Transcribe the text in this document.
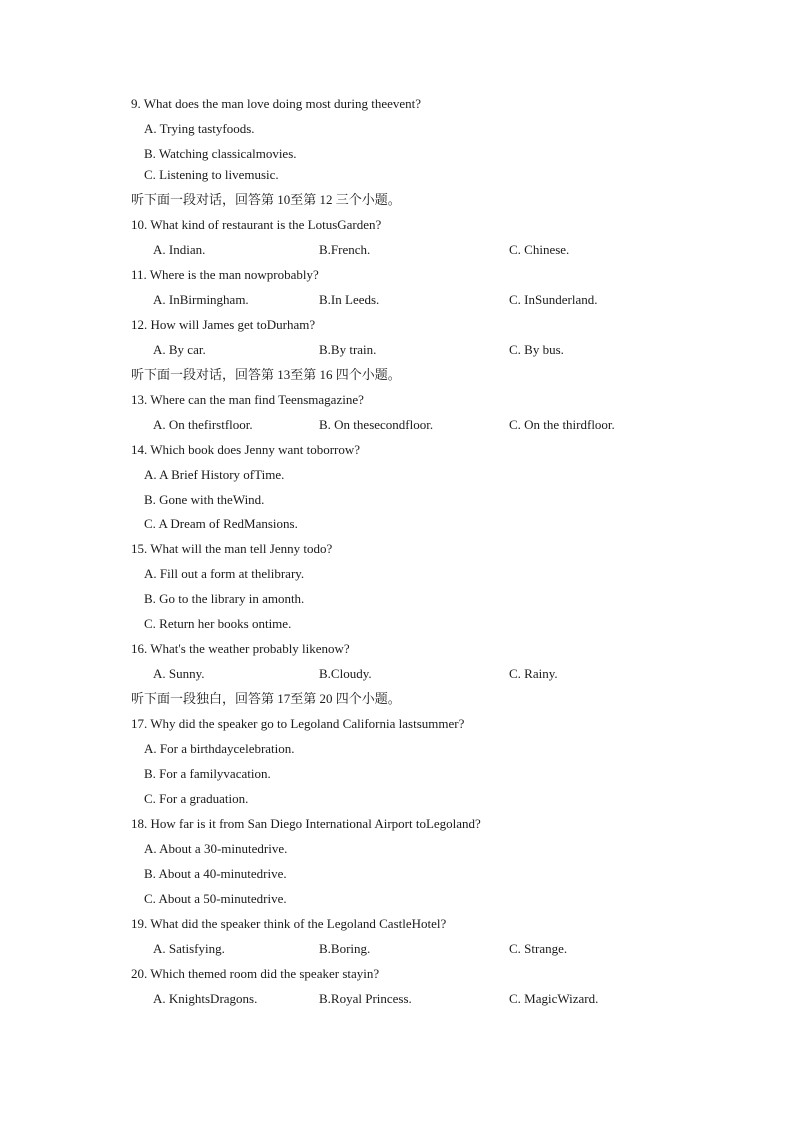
9. What does the man love doing most during theevent?
A. Trying tastyfoods.
B. Watching classicalmovies.
C. Listening to livemusic.
听下面一段对话，回答第 10至第 12 三个小题。
10. What kind of restaurant is the LotusGarden?
A. Indian.	B.French.	C. Chinese.
11. Where is the man nowprobably?
A. InBirmingham.	B.In Leeds.	C. InSunderland.
12. How will James get toDurham?
A. By car.	B.By train.	C. By bus.
听下面一段对话，回答第 13至第 16 四个小题。
13. Where can the man find Teensmagazine?
A. On thefirstfloor.	B. On thesecondfloor.	C. On the thirdfloor.
14. Which book does Jenny want toborrow?
A. A Brief History ofTime.
B. Gone with theWind.
C. A Dream of RedMansions.
15. What will the man tell Jenny todo?
A. Fill out a form at thelibrary.
B. Go to the library in amonth.
C. Return her books ontime.
16. What's the weather probably likenow?
A. Sunny.	B.Cloudy.	C. Rainy.
听下面一段独白，回答第 17至第 20 四个小题。
17. Why did the speaker go to Legoland California lastsummer?
A. For a birthdaycelebration.
B. For a familyvacation.
C. For a graduation.
18. How far is it from San Diego International Airport toLegoland?
A. About a 30-minutedrive.
B. About a 40-minutedrive.
C. About a 50-minutedrive.
19. What did the speaker think of the Legoland CastleHotel?
A. Satisfying.	B.Boring.	C. Strange.
20. Which themed room did the speaker stayin?
A. KnightsDragons.	B.Royal Princess.	C. MagicWizard.
